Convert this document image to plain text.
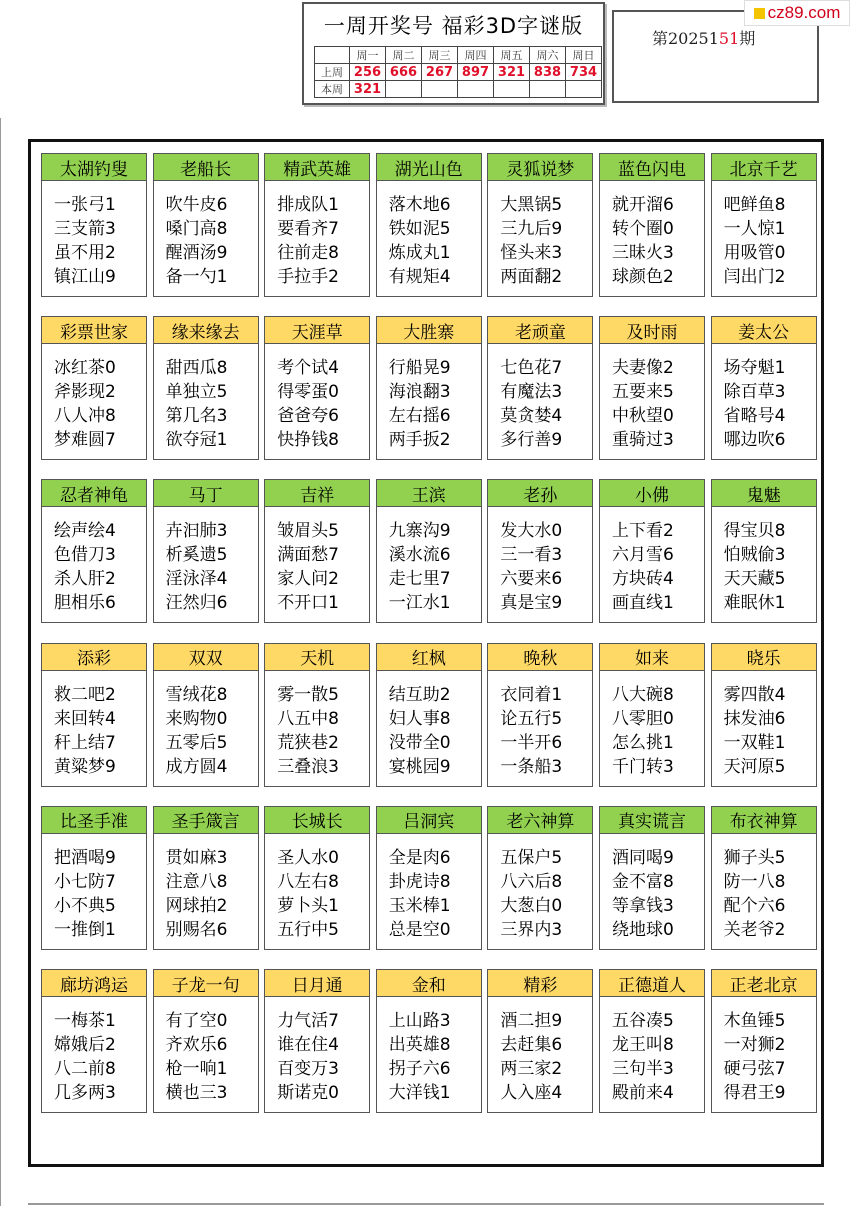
一周开奖号 福彩3D字谜版
	周一	周二	周三	周四	周五	周六	周日
上周	256	666	267	897	321	838	734
本周	321						
第2025151期
cz89.com
太湖钓叟
一张弓1
三支箭3
虽不用2
镇江山9
老船长
吹牛皮6
嗓门高8
醒酒汤9
备一勺1
精武英雄
排成队1
要看齐7
往前走8
手拉手2
湖光山色
落木地6
铁如泥5
炼成丸1
有规矩4
灵狐说梦
大黑锅5
三九后9
怪头来3
两面翻2
蓝色闪电
就开溜6
转个圈0
三昧火3
球颜色2
北京千艺
吧鲜鱼8
一人惊1
用吸管0
闫出门2
彩票世家
冰红茶0
斧影现2
八人冲8
梦难圆7
缘来缘去
甜西瓜8
单独立5
第几名3
欲夺冠1
天涯草
考个试4
得零蛋0
爸爸夸6
快挣钱8
大胜寨
行船晃9
海浪翻3
左右摇6
两手扳2
老顽童
七色花7
有魔法3
莫贪婪4
多行善9
及时雨
夫妻像2
五要来5
中秋望0
重骑过3
姜太公
场夺魁1
除百草3
省略号4
哪边吹6
忍者神龟
绘声绘4
色借刀3
杀人肝2
胆相乐6
马丁
卉汩肺3
析奚遗5
淫泳泽4
汪然归6
吉祥
皱眉头5
满面愁7
家人问2
不开口1
王滨
九寨沟9
溪水流6
走七里7
一江水1
老孙
发大水0
三一看3
六要来6
真是宝9
小佛
上下看2
六月雪6
方块砖4
画直线1
鬼魅
得宝贝8
怕贼偷3
天天藏5
难眠休1
添彩
救二吧2
来回转4
秆上结7
黄粱梦9
双双
雪绒花8
来购物0
五零后5
成方圆4
天机
雾一散5
八五中8
荒狭巷2
三叠浪3
红枫
结互助2
妇人事8
没带全0
宴桃园9
晚秋
衣同着1
论五行5
一半开6
一条船3
如来
八大碗8
八零胆0
怎么挑1
千门转3
晓乐
雾四散4
抹发油6
一双鞋1
天河原5
比圣手准
把酒喝9
小七防7
小不典5
一推倒1
圣手箴言
贯如麻3
注意八8
网球拍2
别赐名6
长城长
圣人水0
八左右8
萝卜头1
五行中5
吕洞宾
全是肉6
卦虎诗8
玉米棒1
总是空0
老六神算
五保户5
八六后8
大葱白0
三界内3
真实谎言
酒同喝9
金不富8
等拿钱3
绕地球0
布衣神算
狮子头5
防一八8
配个六6
关老爷2
廊坊鸿运
一梅茶1
嫦娥后2
八二前8
几多两3
子龙一句
有了空0
齐欢乐6
枪一响1
横也三3
日月通
力气活7
谁在住4
百变万3
斯诺克0
金和
上山路3
出英雄8
拐子六6
大洋钱1
精彩
酒二担9
去赶集6
两三家2
人入座4
正德道人
五谷凑5
龙王叫8
三句半3
殿前来4
正老北京
木鱼锤5
一对狮2
硬弓弦7
得君王9
